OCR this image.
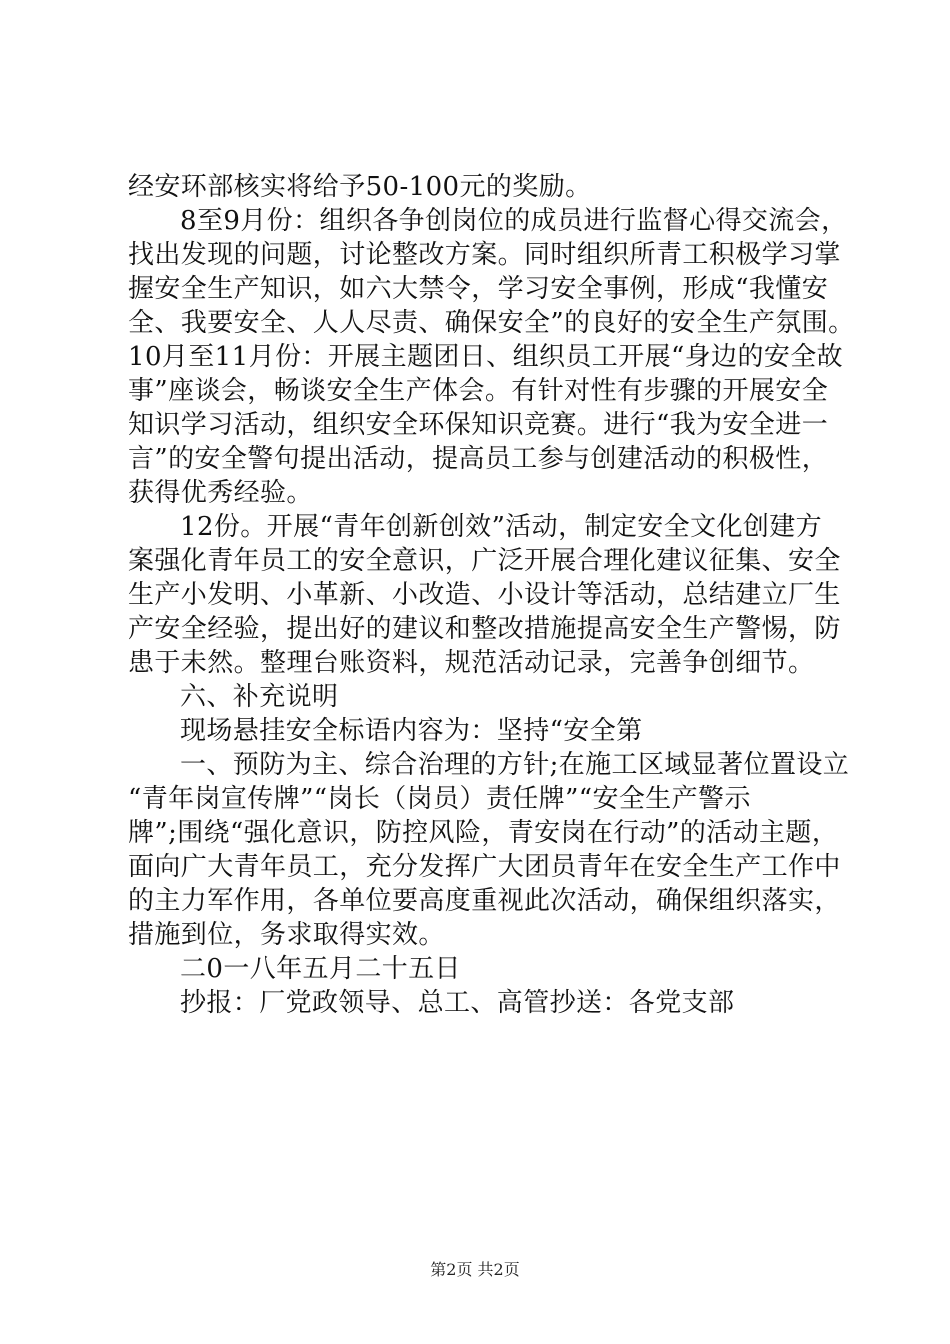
经安环部核实将给予50-100元的奖励。
8至9月份：组织各争创岗位的成员进行监督心得交流会，
找出发现的问题，讨论整改方案。同时组织所青工积极学习掌
握安全生产知识，如六大禁令，学习安全事例，形成“我懂安
全、我要安全、人人尽责、确保安全”的良好的安全生产氛围。
10月至11月份：开展主题团日、组织员工开展“身边的安全故
事”座谈会，畅谈安全生产体会。有针对性有步骤的开展安全
知识学习活动，组织安全环保知识竞赛。进行“我为安全进一
言”的安全警句提出活动，提高员工参与创建活动的积极性，
获得优秀经验。
12份。开展“青年创新创效”活动，制定安全文化创建方
案强化青年员工的安全意识，广泛开展合理化建议征集、安全
生产小发明、小革新、小改造、小设计等活动，总结建立厂生
产安全经验，提出好的建议和整改措施提高安全生产警惕，防
患于未然。整理台账资料，规范活动记录，完善争创细节。
六、补充说明
现场悬挂安全标语内容为：坚持“安全第
一、预防为主、综合治理的方针;在施工区域显著位置设立
“青年岗宣传牌”“岗长（岗员）责任牌”“安全生产警示
牌”;围绕“强化意识，防控风险，青安岗在行动”的活动主题，
面向广大青年员工，充分发挥广大团员青年在安全生产工作中
的主力军作用，各单位要高度重视此次活动，确保组织落实，
措施到位，务求取得实效。
二0一八年五月二十五日
抄报：厂党政领导、总工、高管抄送：各党支部
第2页 共2页
